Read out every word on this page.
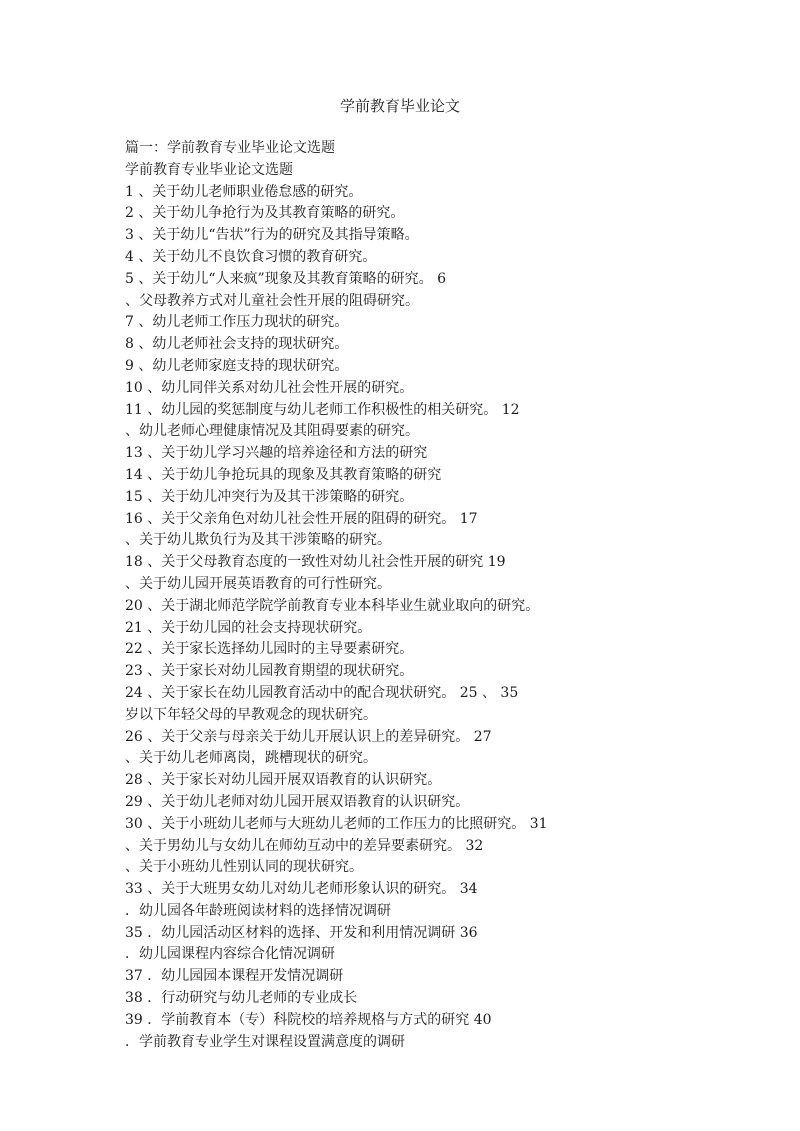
学前教育毕业论文
篇一：学前教育专业毕业论文选题
学前教育专业毕业论文选题
1 、关于幼儿老师职业倦怠感的研究。
2 、关于幼儿争抢行为及其教育策略的研究。
3 、关于幼儿“告状”行为的研究及其指导策略。
4 、关于幼儿不良饮食习惯的教育研究。
5 、关于幼儿“人来疯”现象及其教育策略的研究。 6
、父母教养方式对儿童社会性开展的阻碍研究。
7 、幼儿老师工作压力现状的研究。
8 、幼儿老师社会支持的现状研究。
9 、幼儿老师家庭支持的现状研究。
10 、幼儿同伴关系对幼儿社会性开展的研究。
11 、幼儿园的奖惩制度与幼儿老师工作积极性的相关研究。 12
、幼儿老师心理健康情况及其阻碍要素的研究。
13 、关于幼儿学习兴趣的培养途径和方法的研究
14 、关于幼儿争抢玩具的现象及其教育策略的研究
15 、关于幼儿冲突行为及其干涉策略的研究。
16 、关于父亲角色对幼儿社会性开展的阻碍的研究。 17
、关于幼儿欺负行为及其干涉策略的研究。
18 、关于父母教育态度的一致性对幼儿社会性开展的研究 19
、关于幼儿园开展英语教育的可行性研究。
20 、关于湖北师范学院学前教育专业本科毕业生就业取向的研究。
21 、关于幼儿园的社会支持现状研究。
22 、关于家长选择幼儿园时的主导要素研究。
23 、关于家长对幼儿园教育期望的现状研究。
24 、关于家长在幼儿园教育活动中的配合现状研究。 25 、 35
岁以下年轻父母的早教观念的现状研究。
26 、关于父亲与母亲关于幼儿开展认识上的差异研究。 27
、关于幼儿老师离岗，跳槽现状的研究。
28 、关于家长对幼儿园开展双语教育的认识研究。
29 、关于幼儿老师对幼儿园开展双语教育的认识研究。
30 、关于小班幼儿老师与大班幼儿老师的工作压力的比照研究。 31
、关于男幼儿与女幼儿在师幼互动中的差异要素研究。 32
、关于小班幼儿性别认同的现状研究。
33 、关于大班男女幼儿对幼儿老师形象认识的研究。 34
．幼儿园各年龄班阅读材料的选择情况调研
35 ．幼儿园活动区材料的选择、开发和利用情况调研 36
．幼儿园课程内容综合化情况调研
37 ．幼儿园园本课程开发情况调研
38 ．行动研究与幼儿老师的专业成长
39 ．学前教育本（专）科院校的培养规格与方式的研究 40
．学前教育专业学生对课程设置满意度的调研
